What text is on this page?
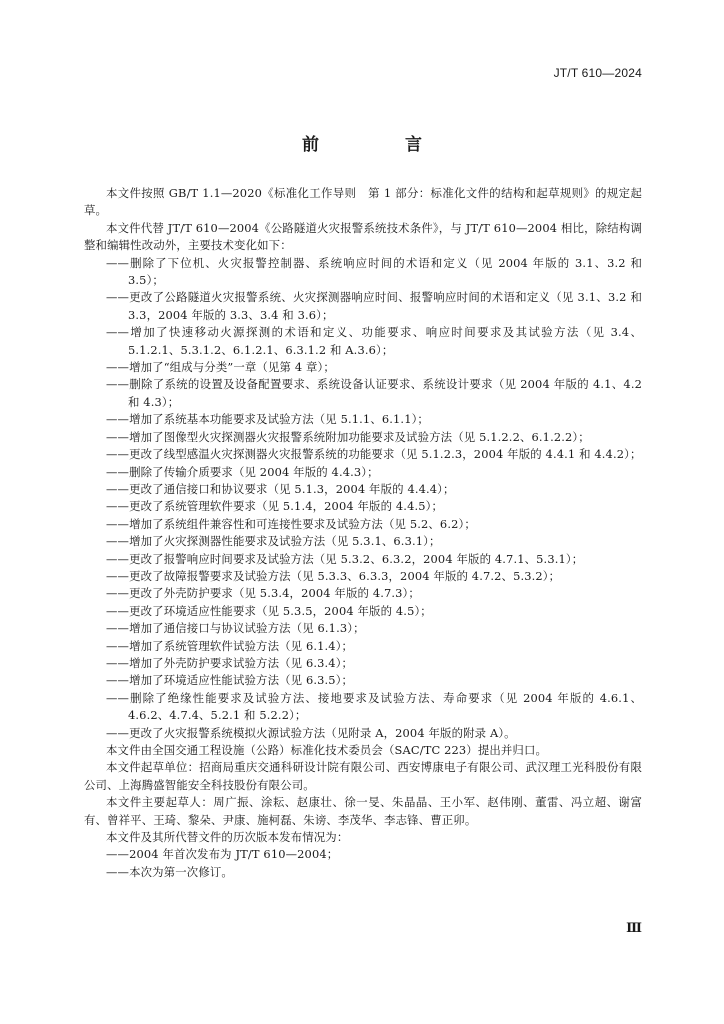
JT/T 610—2024
前 言

本文件按照 GB/T 1.1—2020《标准化工作导则　第 1 部分：标准化文件的结构和起草规则》的规定起草。

本文件代替 JT/T 610—2004《公路隧道火灾报警系统技术条件》，与 JT/T 610—2004 相比，除结构调整和编辑性改动外，主要技术变化如下：

——删除了下位机、火灾报警控制器、系统响应时间的术语和定义（见 2004 年版的 3.1、3.2 和 3.5）；

——更改了公路隧道火灾报警系统、火灾探测器响应时间、报警响应时间的术语和定义（见 3.1、3.2 和 3.3，2004 年版的 3.3、3.4 和 3.6）；

——增加了快速移动火源探测的术语和定义、功能要求、响应时间要求及其试验方法（见 3.4、5.1.2.1、5.3.1.2、6.1.2.1、6.3.1.2 和 A.3.6）；

——增加了“组成与分类”一章（见第 4 章）；

——删除了系统的设置及设备配置要求、系统设备认证要求、系统设计要求（见 2004 年版的 4.1、4.2 和 4.3）；

——增加了系统基本功能要求及试验方法（见 5.1.1、6.1.1）；

——增加了图像型火灾探测器火灾报警系统附加功能要求及试验方法（见 5.1.2.2、6.1.2.2）；

——更改了线型感温火灾探测器火灾报警系统的功能要求（见 5.1.2.3，2004 年版的 4.4.1 和 4.4.2）；

——删除了传输介质要求（见 2004 年版的 4.4.3）；

——更改了通信接口和协议要求（见 5.1.3，2004 年版的 4.4.4）；

——更改了系统管理软件要求（见 5.1.4，2004 年版的 4.4.5）；

——增加了系统组件兼容性和可连接性要求及试验方法（见 5.2、6.2）；

——增加了火灾探测器性能要求及试验方法（见 5.3.1、6.3.1）；

——更改了报警响应时间要求及试验方法（见 5.3.2、6.3.2，2004 年版的 4.7.1、5.3.1）；

——更改了故障报警要求及试验方法（见 5.3.3、6.3.3，2004 年版的 4.7.2、5.3.2）；

——更改了外壳防护要求（见 5.3.4，2004 年版的 4.7.3）；

——更改了环境适应性能要求（见 5.3.5，2004 年版的 4.5）；

——增加了通信接口与协议试验方法（见 6.1.3）；

——增加了系统管理软件试验方法（见 6.1.4）；

——增加了外壳防护要求试验方法（见 6.3.4）；

——增加了环境适应性能试验方法（见 6.3.5）；

——删除了绝缘性能要求及试验方法、接地要求及试验方法、寿命要求（见 2004 年版的 4.6.1、4.6.2、4.7.4、5.2.1 和 5.2.2）；

——更改了火灾报警系统模拟火源试验方法（见附录 A，2004 年版的附录 A）。

本文件由全国交通工程设施（公路）标准化技术委员会（SAC/TC 223）提出并归口。

本文件起草单位：招商局重庆交通科研设计院有限公司、西安博康电子有限公司、武汉理工光科股份有限公司、上海腾盛智能安全科技股份有限公司。

本文件主要起草人：周广振、涂耘、赵康壮、徐一旻、朱晶晶、王小军、赵伟刚、董雷、冯立超、谢富有、曾祥平、王琦、黎朵、尹康、施柯磊、朱谤、李茂华、李志锋、曹正卯。

本文件及其所代替文件的历次版本发布情况为：

——2004 年首次发布为 JT/T 610—2004；

——本次为第一次修订。

Ⅲ
